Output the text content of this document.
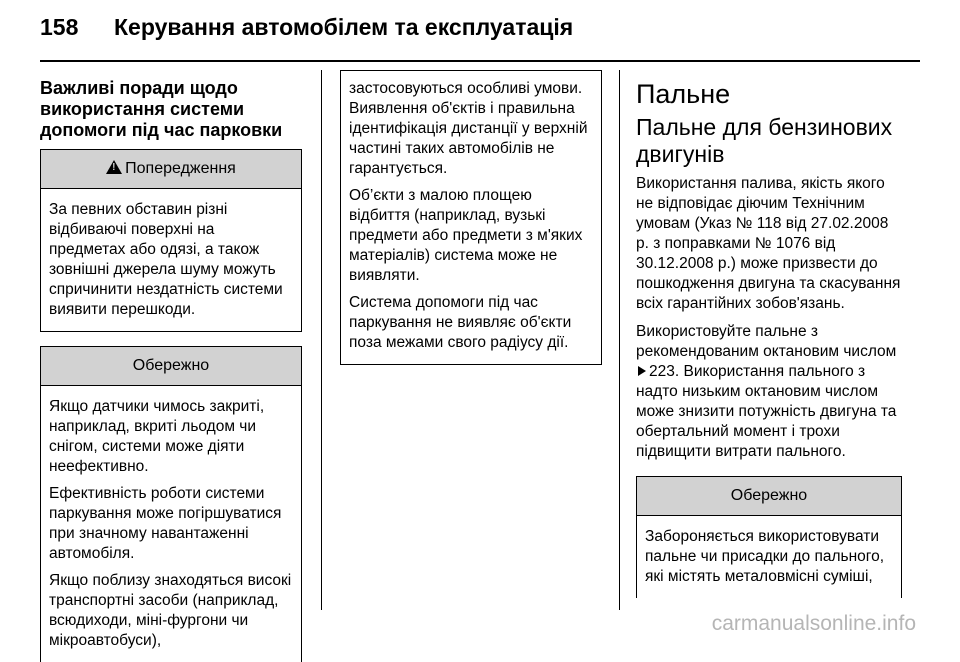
158 Керування автомобілем та експлуатація
Важливі поради щодо використання системи допомоги під час парковки
!Попередження

За певних обставин різні відбиваючі поверхні на предметах або одязі, а також зовнішні джерела шуму можуть спричинити нездатність системи виявити перешкоди.

Обережно

Якщо датчики чимось закриті, наприклад, вкриті льодом чи снігом, системи може діяти неефективно.

Ефективність роботи системи паркування може погіршуватися при значному навантаженні автомобіля.

Якщо поблизу знаходяться високі транспортні засоби (наприклад, всюдиходи, міні-фургони чи мікроавтобуси),

застосовуються особливі умови. Виявлення об'єктів і правильна ідентифікація дистанції у верхній частині таких автомобілів не гарантується.

Об’єкти з малою площею відбиття (наприклад, вузькі предмети або предмети з м'яких матеріалів) система може не виявляти.

Система допомоги під час паркування не виявляє об'єкти поза межами свого радіусу дії.

Пальне
Пальне для бензинових двигунів

Використання палива, якість якого не відповідає діючим Технічним умовам (Указ № 118 від 27.02.2008 р. з поправками № 1076 від 30.12.2008 р.) може призвести до пошкодження двигуна та скасування всіх гарантійних зобов'язань.

Використовуйте пальне з рекомендованим октановим числом 223. Використання пального з надто низьким октановим числом може знизити потужність двигуна та обертальний момент і трохи підвищити витрати пального.

Обережно

Забороняється використовувати пальне чи присадки до пального, які містять металовмісні суміші,

carmanualsonline.info
